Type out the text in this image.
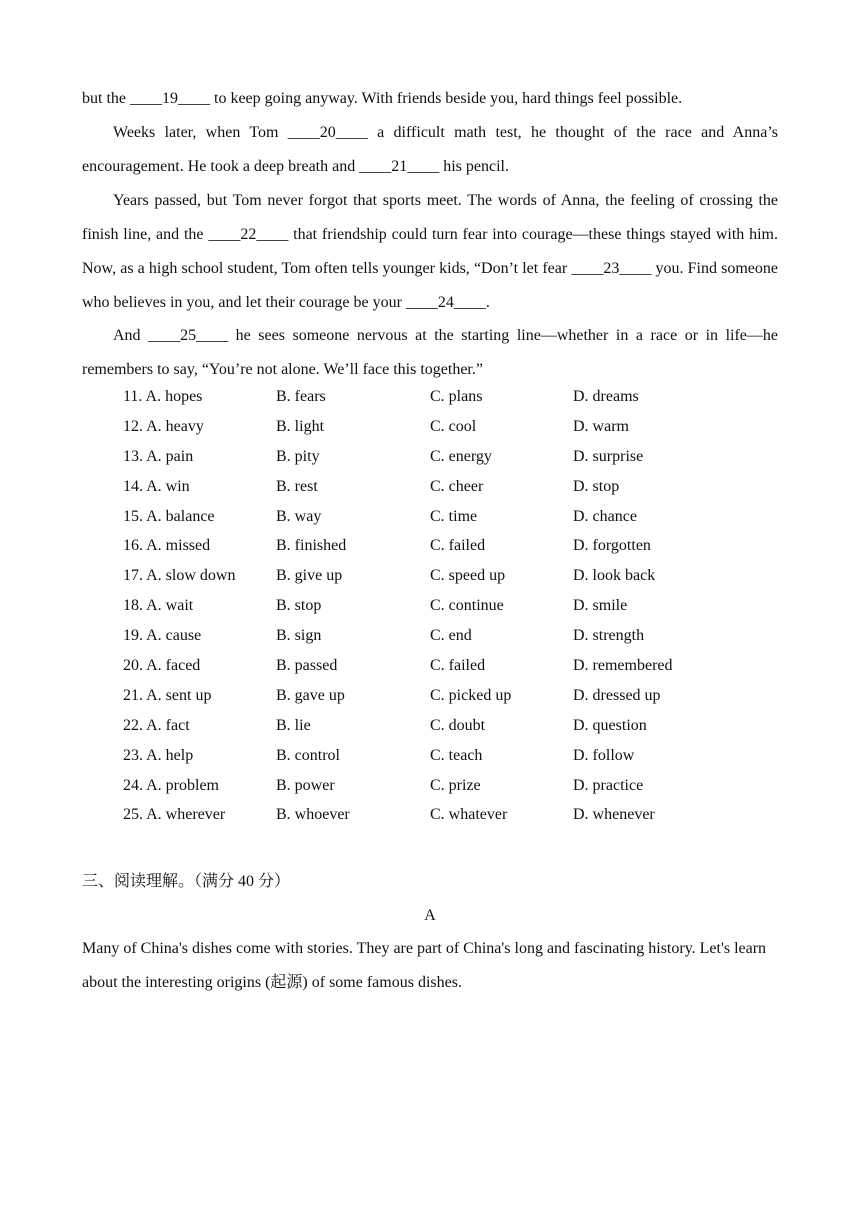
but the ____19____ to keep going anyway. With friends beside you, hard things feel possible.

Weeks later, when Tom ____20____ a difficult math test, he thought of the race and Anna’s encouragement. He took a deep breath and ____21____ his pencil.

Years passed, but Tom never forgot that sports meet. The words of Anna, the feeling of crossing the finish line, and the ____22____ that friendship could turn fear into courage—these things stayed with him. Now, as a high school student, Tom often tells younger kids, “Don’t let fear ____23____ you. Find someone who believes in you, and let their courage be your ____24____.

And ____25____ he sees someone nervous at the starting line—whether in a race or in life—he remembers to say, “You’re not alone. We’ll face this together.”

11. A. hopes	B. fears	C. plans	D. dreams
12. A. heavy	B. light	C. cool	D. warm
13. A. pain	B. pity	C. energy	D. surprise
14. A. win	B. rest	C. cheer	D. stop
15. A. balance	B. way	C. time	D. chance
16. A. missed	B. finished	C. failed	D. forgotten
17. A. slow down	B. give up	C. speed up	D. look back
18. A. wait	B. stop	C. continue	D. smile
19. A. cause	B. sign	C. end	D. strength
20. A. faced	B. passed	C. failed	D. remembered
21. A. sent up	B. gave up	C. picked up	D. dressed up
22. A. fact	B. lie	C. doubt	D. question
23. A. help	B. control	C. teach	D. follow
24. A. problem	B. power	C. prize	D. practice
25. A. wherever	B. whoever	C. whatever	D. whenever
三、阅读理解。（满分 40 分）
A

Many of China's dishes come with stories. They are part of China's long and fascinating history. Let's learn about the interesting origins (起源) of some famous dishes.
